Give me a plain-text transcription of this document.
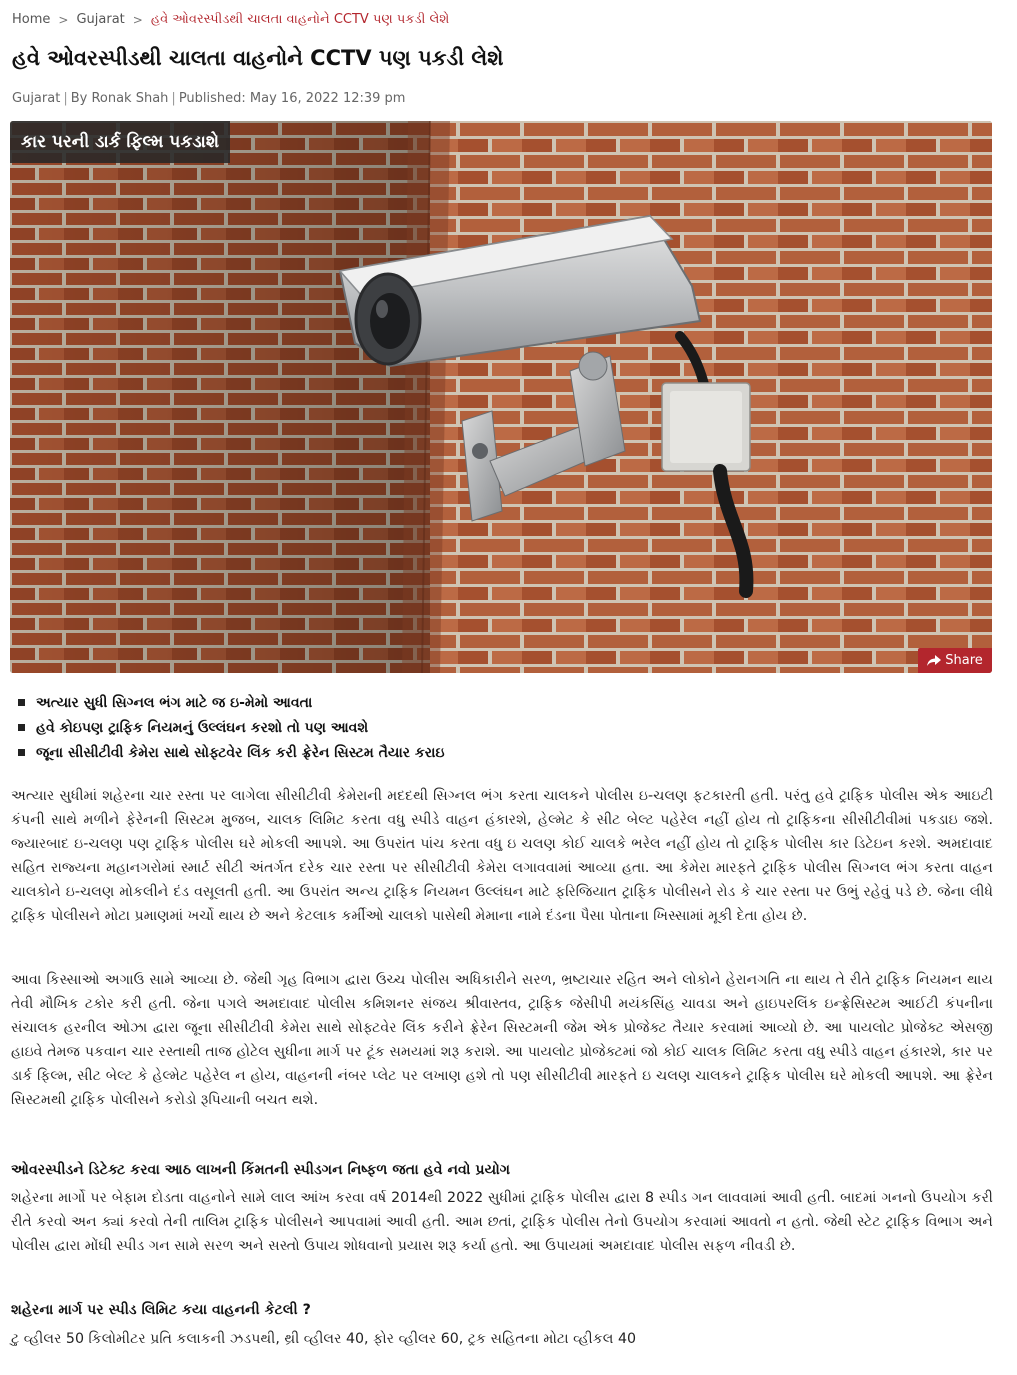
Home > Gujarat > હવે ઓવરસ્પીડથી ચાલતા વાહનોને CCTV પણ પકડી લેશે
હવે ઓવરસ્પીડથી ચાલતા વાહનોને CCTV પણ પકડી લેશે
Gujarat | By Ronak Shah | Published: May 16, 2022 12:39 pm
કાર પરની ડાર્ક ફિલ્મ પકડાશે
Share
અત્યાર સુધી સિગ્નલ ભંગ માટે જ ઇ-મેમો આવતા
હવે કોઇપણ ટ્રાફિક નિયમનું ઉલ્લંઘન કરશો તો પણ આવશે
જૂના સીસીટીવી કેમેરા સાથે સોફ્ટવેર લિંક કરી ફ્રેરેન સિસ્ટમ તૈયાર કરાઇ

અત્યાર સુધીમાં શહેરના ચાર રસ્તા પર લાગેલા સીસીટીવી કેમેરાની મદદથી સિગ્નલ ભંગ કરતા ચાલકને પોલીસ ઇ-ચલણ ફટકારતી હતી. પરંતુ હવે ટ્રાફિક પોલીસ એક આઇટી કંપની સાથે મળીને ફેરેનની સિસ્ટમ મુજબ, ચાલક લિમિટ કરતા વધુ સ્પીડે વાહન હંકારશે, હેલ્મેટ કે સીટ બેલ્ટ પહેરેલ નહીં હોય તો ટ્રાફિકના સીસીટીવીમાં પકડાઇ જશે. જ્યારબાદ ઇ-ચલણ પણ ટ્રાફિક પોલીસ ઘરે મોકલી આપશે. આ ઉપરાંત પાંચ કરતા વધુ ઇ ચલણ કોઈ ચાલકે ભરેલ નહીં હોય તો ટ્રાફિક પોલીસ કાર ડિટેઇન કરશે. અમદાવાદ સહિત રાજ્યના મહાનગરોમાં સ્માર્ટ સીટી અંતર્ગત દરેક ચાર રસ્તા પર સીસીટીવી કેમેરા લગાવવામાં આવ્યા હતા. આ કેમેરા મારફતે ટ્રાફિક પોલીસ સિગ્નલ ભંગ કરતા વાહન ચાલકોને ઇ-ચલણ મોકલીને દંડ વસૂલતી હતી. આ ઉપરાંત અન્ય ટ્રાફિક નિયમન ઉલ્લંઘન માટે ફરિજિયાત ટ્રાફિક પોલીસને રોડ કે ચાર રસ્તા પર ઉભું રહેવું પડે છે. જેના લીધે ટ્રાફિક પોલીસને મોટા પ્રમાણમાં ખર્ચો થાય છે અને કેટલાક કર્મીઓ ચાલકો પાસેથી મેમાના નામે દંડના પૈસા પોતાના ખિસ્સામાં મૂકી દેતા હોય છે.

આવા કિસ્સાઓ અગાઉ સામે આવ્યા છે. જેથી ગૃહ વિભાગ દ્વારા ઉચ્ચ પોલીસ અધિકારીને સરળ, ભ્રષ્ટાચાર રહિત અને લોકોને હેરાનગતિ ના થાય તે રીતે ટ્રાફિક નિયમન થાય તેવી મૌખિક ટકોર કરી હતી. જેના પગલે અમદાવાદ પોલીસ કમિશનર સંજય શ્રીવાસ્તવ, ટ્રાફિક જેસીપી મયંકસિંહ ચાવડા અને હાઇપરલિંક ઇન્ફ્રેસિસ્ટમ આઈટી કંપનીના સંચાલક હરનીલ ઓઝા દ્વારા જૂના સીસીટીવી કેમેરા સાથે સોફ્ટવેર લિંક કરીને ફ્રેરેન સિસ્ટમની જેમ એક પ્રોજેક્ટ તૈયાર કરવામાં આવ્યો છે. આ પાયલોટ પ્રોજેક્ટ એસજી હાઇવે તેમજ પકવાન ચાર રસ્તાથી તાજ હોટેલ સુધીના માર્ગ પર ટૂંક સમયમાં શરૂ કરાશે. આ પાયલોટ પ્રોજેક્ટમાં જો કોઈ ચાલક લિમિટ કરતા વધુ સ્પીડે વાહન હંકારશે, કાર પર ડાર્ક ફિલ્મ, સીટ બેલ્ટ કે હેલ્મેટ પહેરેલ ન હોય, વાહનની નંબર પ્લેટ પર લખાણ હશે તો પણ સીસીટીવી મારફતે ઇ ચલણ ચાલકને ટ્રાફિક પોલીસ ઘરે મોકલી આપશે. આ ફ્રેરેન સિસ્ટમથી ટ્રાફિક પોલીસને કરોડો રૂપિયાની બચત થશે.

ઓવરસ્પીડને ડિટેક્ટ કરવા આઠ લાખની કિંમતની સ્પીડગન નિષ્ફળ જતા હવે નવો પ્રયોગ

શહેરના માર્ગો પર બેફામ દોડતા વાહનોને સામે લાલ આંખ કરવા વર્ષ 2014થી 2022 સુધીમાં ટ્રાફિક પોલીસ દ્વારા 8 સ્પીડ ગન લાવવામાં આવી હતી. બાદમાં ગનનો ઉપયોગ કરી રીતે કરવો અન ક્યાં કરવો તેની તાલિમ ટ્રાફિક પોલીસને આપવામાં આવી હતી. આમ છતાં, ટ્રાફિક પોલીસ તેનો ઉપયોગ કરવામાં આવતો ન હતો. જેથી સ્ટેટ ટ્રાફિક વિભાગ અને પોલીસ દ્વારા મોંઘી સ્પીડ ગન સામે સરળ અને સસ્તો ઉપાય શોધવાનો પ્રયાસ શરૂ કર્યા હતો. આ ઉપાયમાં અમદાવાદ પોલીસ સફળ નીવડી છે.

શહેરના માર્ગ પર સ્પીડ લિમિટ કયા વાહનની કેટલી ?

ટુ વ્હીલર 50 કિલોમીટર પ્રતિ કલાકની ઝડપથી, થ્રી વ્હીલર 40, ફોર વ્હીલર 60, ટ્રક સહિતના મોટા વ્હીકલ 40
